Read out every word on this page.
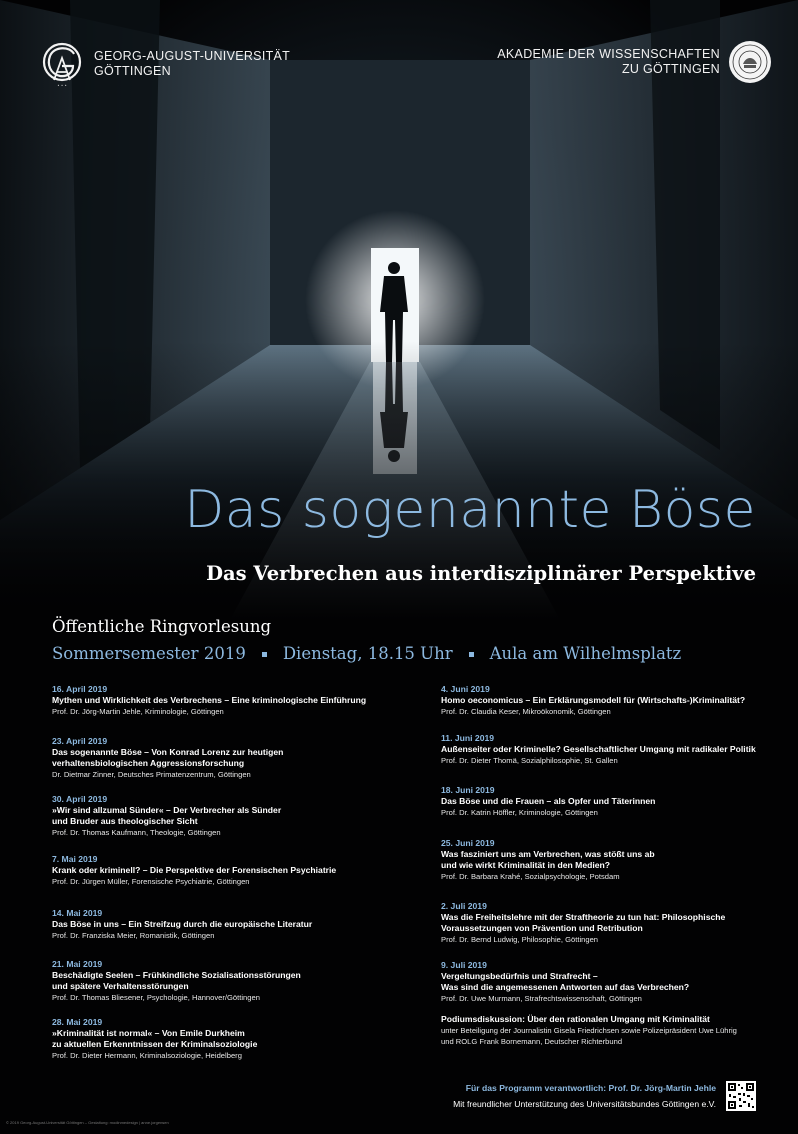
• • •
GEORG-AUGUST-UNIVERSITÄT
GÖTTINGEN
AKADEMIE DER WISSENSCHAFTEN
ZU GÖTTINGEN
Das sogenannte Böse
Das Verbrechen aus interdisziplinärer Perspektive
Öffentliche Ringvorlesung
Sommersemester 2019 Dienstag, 18.15 Uhr Aula am Wilhelmsplatz
16. April 2019
Mythen und Wirklichkeit des Verbrechens – Eine kriminologische Einführung
Prof. Dr. Jörg-Martin Jehle, Kriminologie, Göttingen
23. April 2019
Das sogenannte Böse – Von Konrad Lorenz zur heutigen
verhaltensbiologischen Aggressionsforschung
Dr. Dietmar Zinner, Deutsches Primatenzentrum, Göttingen
30. April 2019
»Wir sind allzumal Sünder« – Der Verbrecher als Sünder
und Bruder aus theologischer Sicht
Prof. Dr. Thomas Kaufmann, Theologie, Göttingen
7. Mai 2019
Krank oder kriminell? – Die Perspektive der Forensischen Psychiatrie
Prof. Dr. Jürgen Müller, Forensische Psychiatrie, Göttingen
14. Mai 2019
Das Böse in uns – Ein Streifzug durch die europäische Literatur
Prof. Dr. Franziska Meier, Romanistik, Göttingen
21. Mai 2019
Beschädigte Seelen – Frühkindliche Sozialisationsstörungen
und spätere Verhaltensstörungen
Prof. Dr. Thomas Bliesener, Psychologie, Hannover/Göttingen
28. Mai 2019
»Kriminalität ist normal« – Von Emile Durkheim
zu aktuellen Erkenntnissen der Kriminalsoziologie
Prof. Dr. Dieter Hermann, Kriminalsoziologie, Heidelberg
4. Juni 2019
Homo oeconomicus – Ein Erklärungsmodell für (Wirtschafts-)Kriminalität?
Prof. Dr. Claudia Keser, Mikroökonomik, Göttingen
11. Juni 2019
Außenseiter oder Kriminelle? Gesellschaftlicher Umgang mit radikaler Politik
Prof. Dr. Dieter Thomä, Sozialphilosophie, St. Gallen
18. Juni 2019
Das Böse und die Frauen – als Opfer und Täterinnen
Prof. Dr. Katrin Höffler, Kriminologie, Göttingen
25. Juni 2019
Was fasziniert uns am Verbrechen, was stößt uns ab
und wie wirkt Kriminalität in den Medien?
Prof. Dr. Barbara Krahé, Sozialpsychologie, Potsdam
2. Juli 2019
Was die Freiheitslehre mit der Straftheorie zu tun hat: Philosophische
Voraussetzungen von Prävention und Retribution
Prof. Dr. Bernd Ludwig, Philosophie, Göttingen
9. Juli 2019
Vergeltungsbedürfnis und Strafrecht –
Was sind die angemessenen Antworten auf das Verbrechen?
Prof. Dr. Uwe Murmann, Strafrechtswissenschaft, Göttingen
Podiumsdiskussion: Über den rationalen Umgang mit Kriminalität
unter Beteiligung der Journalistin Gisela Friedrichsen sowie Polizeipräsident Uwe Lührig
und ROLG Frank Bornemann, Deutscher Richterbund
Für das Programm verantwortlich: Prof. Dr. Jörg-Martin Jehle
Mit freundlicher Unterstützung des Universitätsbundes Göttingen e.V.
© 2019 Georg-August-Universität Göttingen – Gestaltung: modinmedesign | anne.jorgensen
